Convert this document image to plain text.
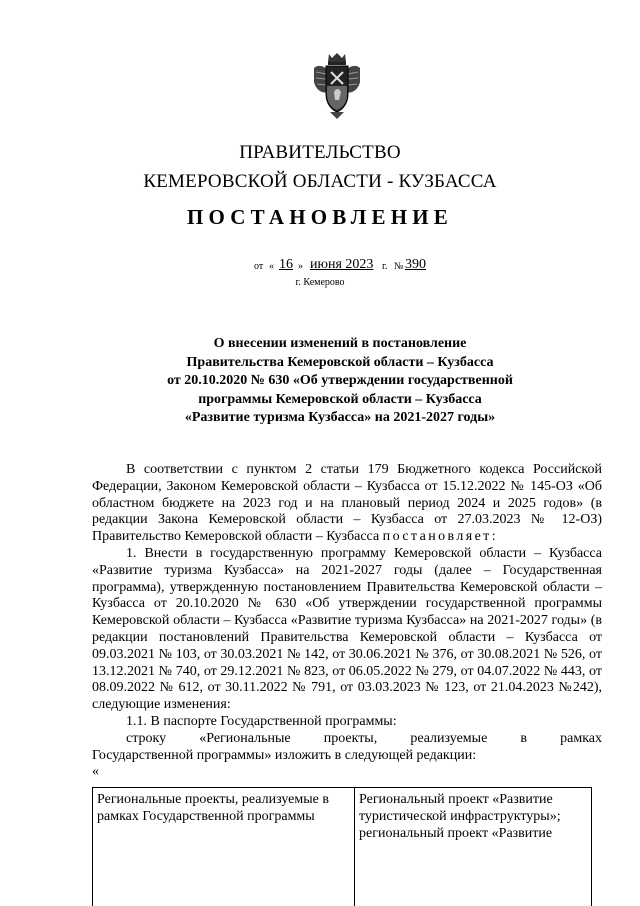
ПРАВИТЕЛЬСТВО
КЕМЕРОВСКОЙ ОБЛАСТИ - КУЗБАССА
ПОСТАНОВЛЕНИЕ
от « 16 » июня 2023 г. № 390
г. Кемерово
О внесении изменений в постановление
Правительства Кемеровской области – Кузбасса
от 20.10.2020 № 630 «Об утверждении государственной
программы Кемеровской области – Кузбасса
«Развитие туризма Кузбасса» на 2021-2027 годы»

В соответствии с пунктом 2 статьи 179 Бюджетного кодекса Российской Федерации, Законом Кемеровской области – Кузбасса от 15.12.2022 № 145-ОЗ «Об областном бюджете на 2023 год и на плановый период 2024 и 2025 годов» (в редакции Закона Кемеровской области – Кузбасса от 27.03.2023 № 12-ОЗ) Правительство Кемеровской области – Кузбасса постановляет:

1. Внести в государственную программу Кемеровской области – Кузбасса «Развитие туризма Кузбасса» на 2021-2027 годы (далее – Государственная программа), утвержденную постановлением Правительства Кемеровской области – Кузбасса от 20.10.2020 № 630 «Об утверждении государственной программы Кемеровской области – Кузбасса «Развитие туризма Кузбасса» на 2021-2027 годы» (в редакции постановлений Правительства Кемеровской области – Кузбасса от 09.03.2021 № 103, от 30.03.2021 № 142, от 30.06.2021 № 376, от 30.08.2021 № 526, от 13.12.2021 № 740, от 29.12.2021 № 823, от 06.05.2022 № 279, от 04.07.2022 № 443, от 08.09.2022 № 612, от 30.11.2022 № 791, от 03.03.2023 № 123, от 21.04.2023 №242), следующие изменения:

1.1. В паспорте Государственной программы:

строку «Региональные проекты, реализуемые в рамках

Государственной программы» изложить в следующей редакции:

«

Региональные проекты, реализуемые в рамках Государственной программы
Региональный проект «Развитие туристической инфраструктуры»; региональный проект «Развитие
